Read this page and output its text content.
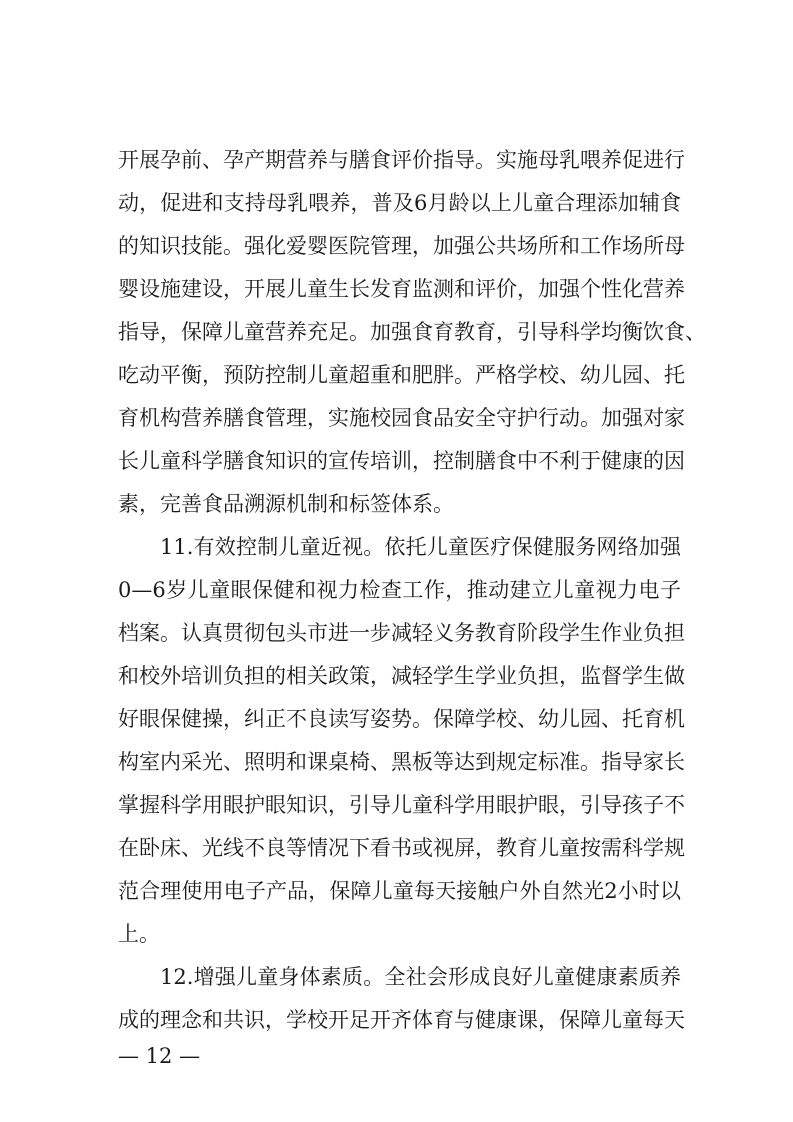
开展孕前、孕产期营养与膳食评价指导。实施母乳喂养促进行
动，促进和支持母乳喂养，普及6月龄以上儿童合理添加辅食
的知识技能。强化爱婴医院管理，加强公共场所和工作场所母
婴设施建设，开展儿童生长发育监测和评价，加强个性化营养
指导，保障儿童营养充足。加强食育教育，引导科学均衡饮食、
吃动平衡，预防控制儿童超重和肥胖。严格学校、幼儿园、托
育机构营养膳食管理，实施校园食品安全守护行动。加强对家
长儿童科学膳食知识的宣传培训，控制膳食中不利于健康的因
素，完善食品溯源机制和标签体系。
11.有效控制儿童近视。依托儿童医疗保健服务网络加强
0—6岁儿童眼保健和视力检查工作，推动建立儿童视力电子
档案。认真贯彻包头市进一步减轻义务教育阶段学生作业负担
和校外培训负担的相关政策，减轻学生学业负担，监督学生做
好眼保健操，纠正不良读写姿势。保障学校、幼儿园、托育机
构室内采光、照明和课桌椅、黑板等达到规定标准。指导家长
掌握科学用眼护眼知识，引导儿童科学用眼护眼，引导孩子不
在卧床、光线不良等情况下看书或视屏，教育儿童按需科学规
范合理使用电子产品，保障儿童每天接触户外自然光2小时以
上。
12.增强儿童身体素质。全社会形成良好儿童健康素质养
成的理念和共识，学校开足开齐体育与健康课，保障儿童每天
— 12 —
